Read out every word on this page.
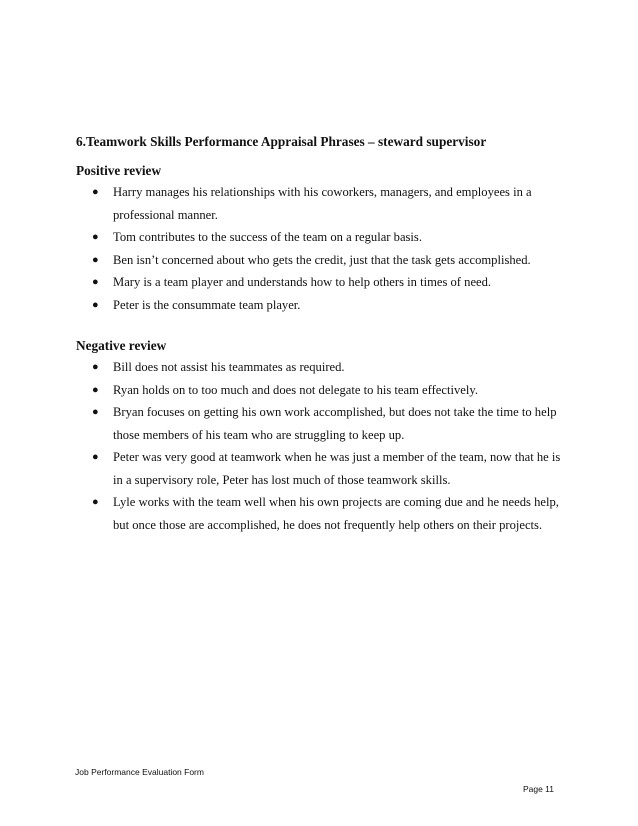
6.Teamwork Skills Performance Appraisal Phrases – steward supervisor
Positive review
● Harry manages his relationships with his coworkers, managers, and employees in a professional manner.
● Tom contributes to the success of the team on a regular basis.
● Ben isn’t concerned about who gets the credit, just that the task gets accomplished.
● Mary is a team player and understands how to help others in times of need.
● Peter is the consummate team player.
Negative review
● Bill does not assist his teammates as required.
● Ryan holds on to too much and does not delegate to his team effectively.
● Bryan focuses on getting his own work accomplished, but does not take the time to help those members of his team who are struggling to keep up.
● Peter was very good at teamwork when he was just a member of the team, now that he is in a supervisory role, Peter has lost much of those teamwork skills.
● Lyle works with the team well when his own projects are coming due and he needs help, but once those are accomplished, he does not frequently help others on their projects.
Job Performance Evaluation Form
Page 11
